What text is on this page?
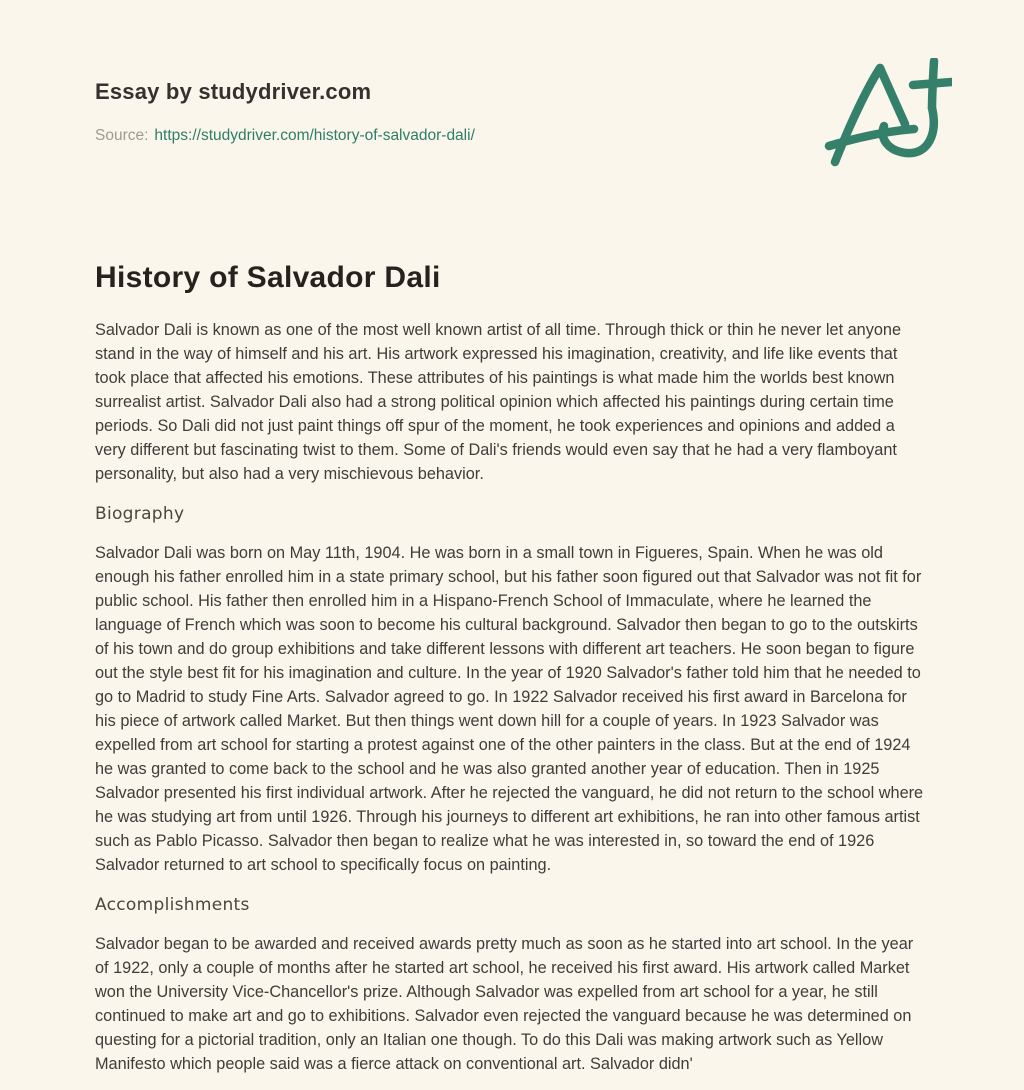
Essay by studydriver.com
Source: https://studydriver.com/history-of-salvador-dali/
History of Salvador Dali

Salvador Dali is known as one of the most well known artist of all time. Through thick or thin he never let anyone stand in the way of himself and his art. His artwork expressed his imagination, creativity, and life like events that took place that affected his emotions. These attributes of his paintings is what made him the worlds best known surrealist artist. Salvador Dali also had a strong political opinion which affected his paintings during certain time periods. So Dali did not just paint things off spur of the moment, he took experiences and opinions and added a very different but fascinating twist to them. Some of Dali's friends would even say that he had a very flamboyant personality, but also had a very mischievous behavior.

Biography

Salvador Dali was born on May 11th, 1904. He was born in a small town in Figueres, Spain. When he was old enough his father enrolled him in a state primary school, but his father soon figured out that Salvador was not fit for public school. His father then enrolled him in a Hispano-French School of Immaculate, where he learned the language of French which was soon to become his cultural background. Salvador then began to go to the outskirts of his town and do group exhibitions and take different lessons with different art teachers. He soon began to figure out the style best fit for his imagination and culture. In the year of 1920 Salvador's father told him that he needed to go to Madrid to study Fine Arts. Salvador agreed to go. In 1922 Salvador received his first award in Barcelona for his piece of artwork called Market. But then things went down hill for a couple of years. In 1923 Salvador was expelled from art school for starting a protest against one of the other painters in the class. But at the end of 1924 he was granted to come back to the school and he was also granted another year of education. Then in 1925 Salvador presented his first individual artwork. After he rejected the vanguard, he did not return to the school where he was studying art from until 1926. Through his journeys to different art exhibitions, he ran into other famous artist such as Pablo Picasso. Salvador then began to realize what he was interested in, so toward the end of 1926 Salvador returned to art school to specifically focus on painting.

Accomplishments

Salvador began to be awarded and received awards pretty much as soon as he started into art school. In the year of 1922, only a couple of months after he started art school, he received his first award. His artwork called Market won the University Vice-Chancellor's prize. Although Salvador was expelled from art school for a year, he still continued to make art and go to exhibitions. Salvador even rejected the vanguard because he was determined on questing for a pictorial tradition, only an Italian one though. To do this Dali was making artwork such as Yellow Manifesto which people said was a fierce attack on conventional art. Salvador didn'
